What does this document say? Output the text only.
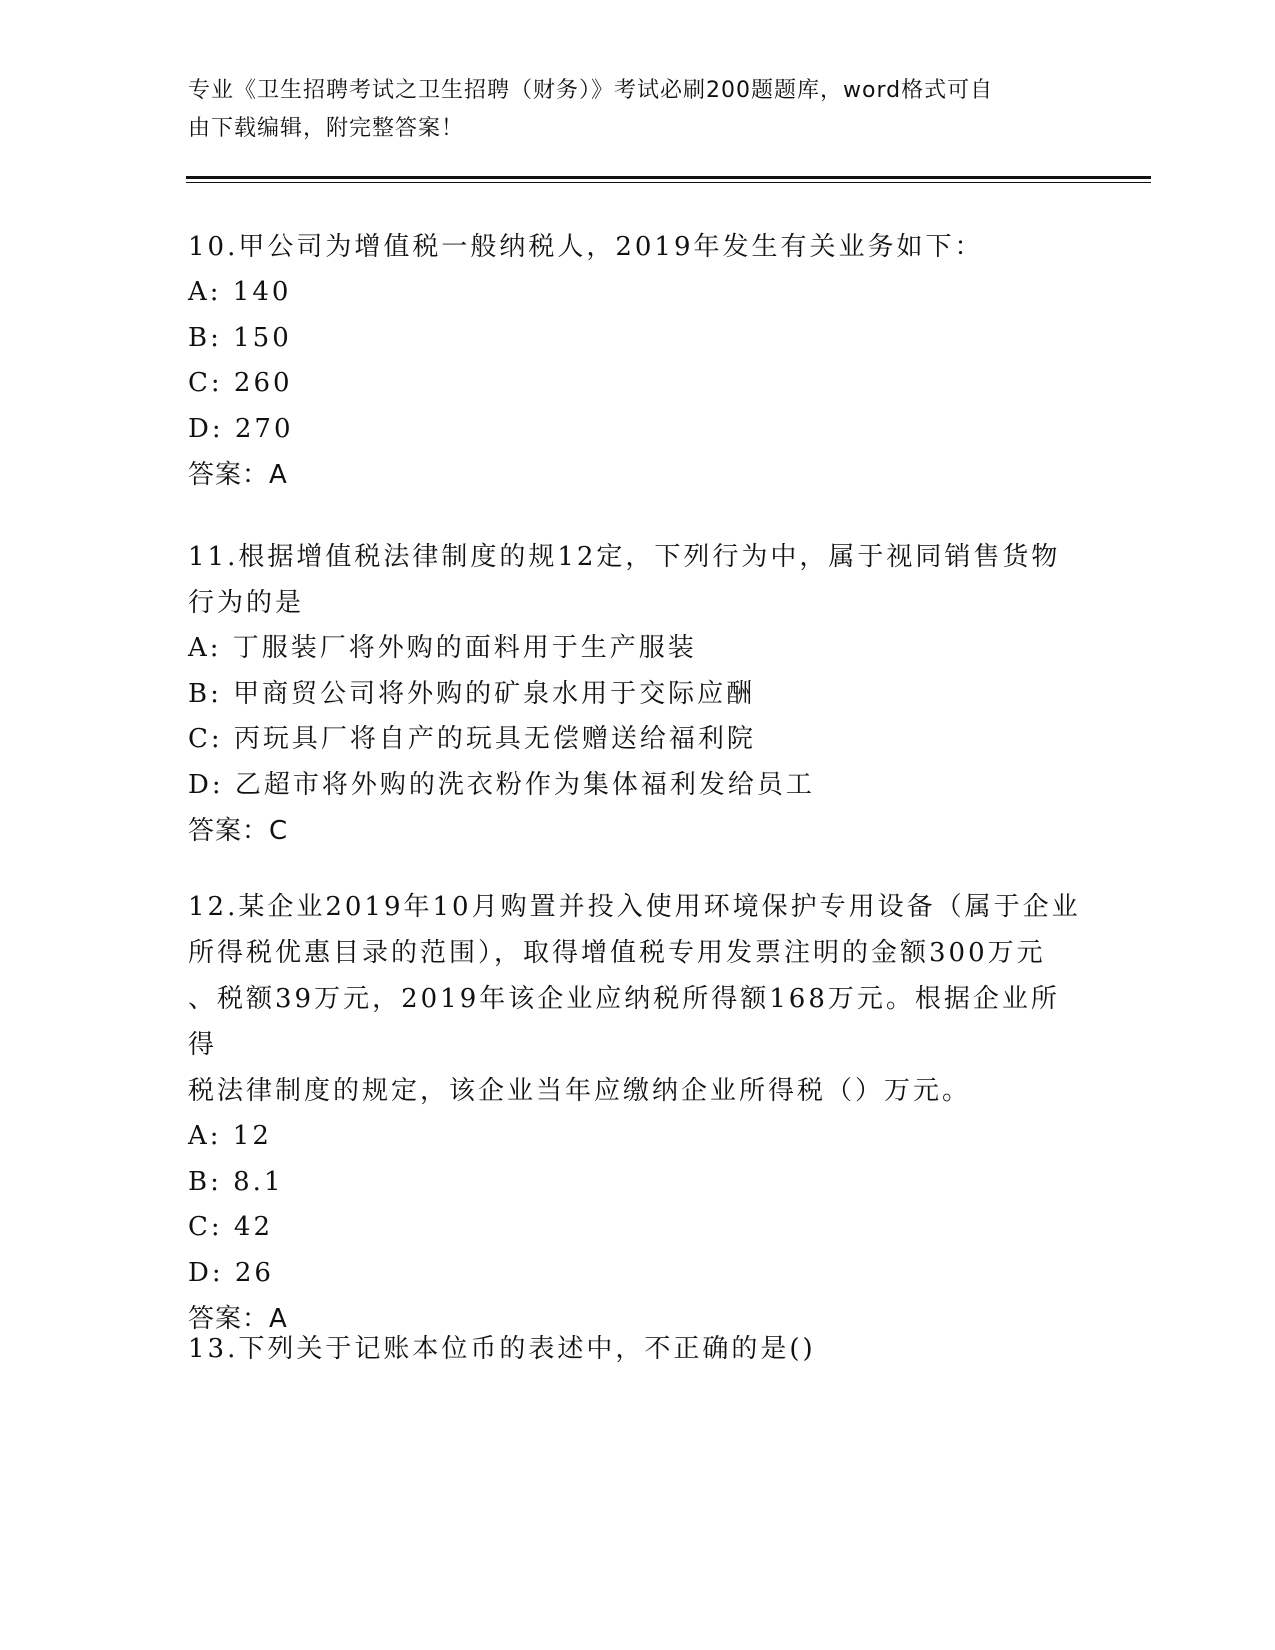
专业《卫生招聘考试之卫生招聘（财务）》考试必刷200题题库，word格式可自
由下载编辑，附完整答案！

10.甲公司为增值税一般纳税人，2019年发生有关业务如下：

A: 140

B: 150

C: 260

D: 270

答案：A

11.根据增值税法律制度的规12定，下列行为中，属于视同销售货物

行为的是

A: 丁服装厂将外购的面料用于生产服装

B: 甲商贸公司将外购的矿泉水用于交际应酬

C: 丙玩具厂将自产的玩具无偿赠送给福利院

D: 乙超市将外购的洗衣粉作为集体福利发给员工

答案：C

12.某企业2019年10月购置并投入使用环境保护专用设备（属于企业

所得税优惠目录的范围），取得增值税专用发票注明的金额300万元

、税额39万元，2019年该企业应纳税所得额168万元。根据企业所得

税法律制度的规定，该企业当年应缴纳企业所得税（）万元。

A: 12

B: 8.1

C: 42

D: 26

答案：A

13.下列关于记账本位币的表述中，不正确的是()
